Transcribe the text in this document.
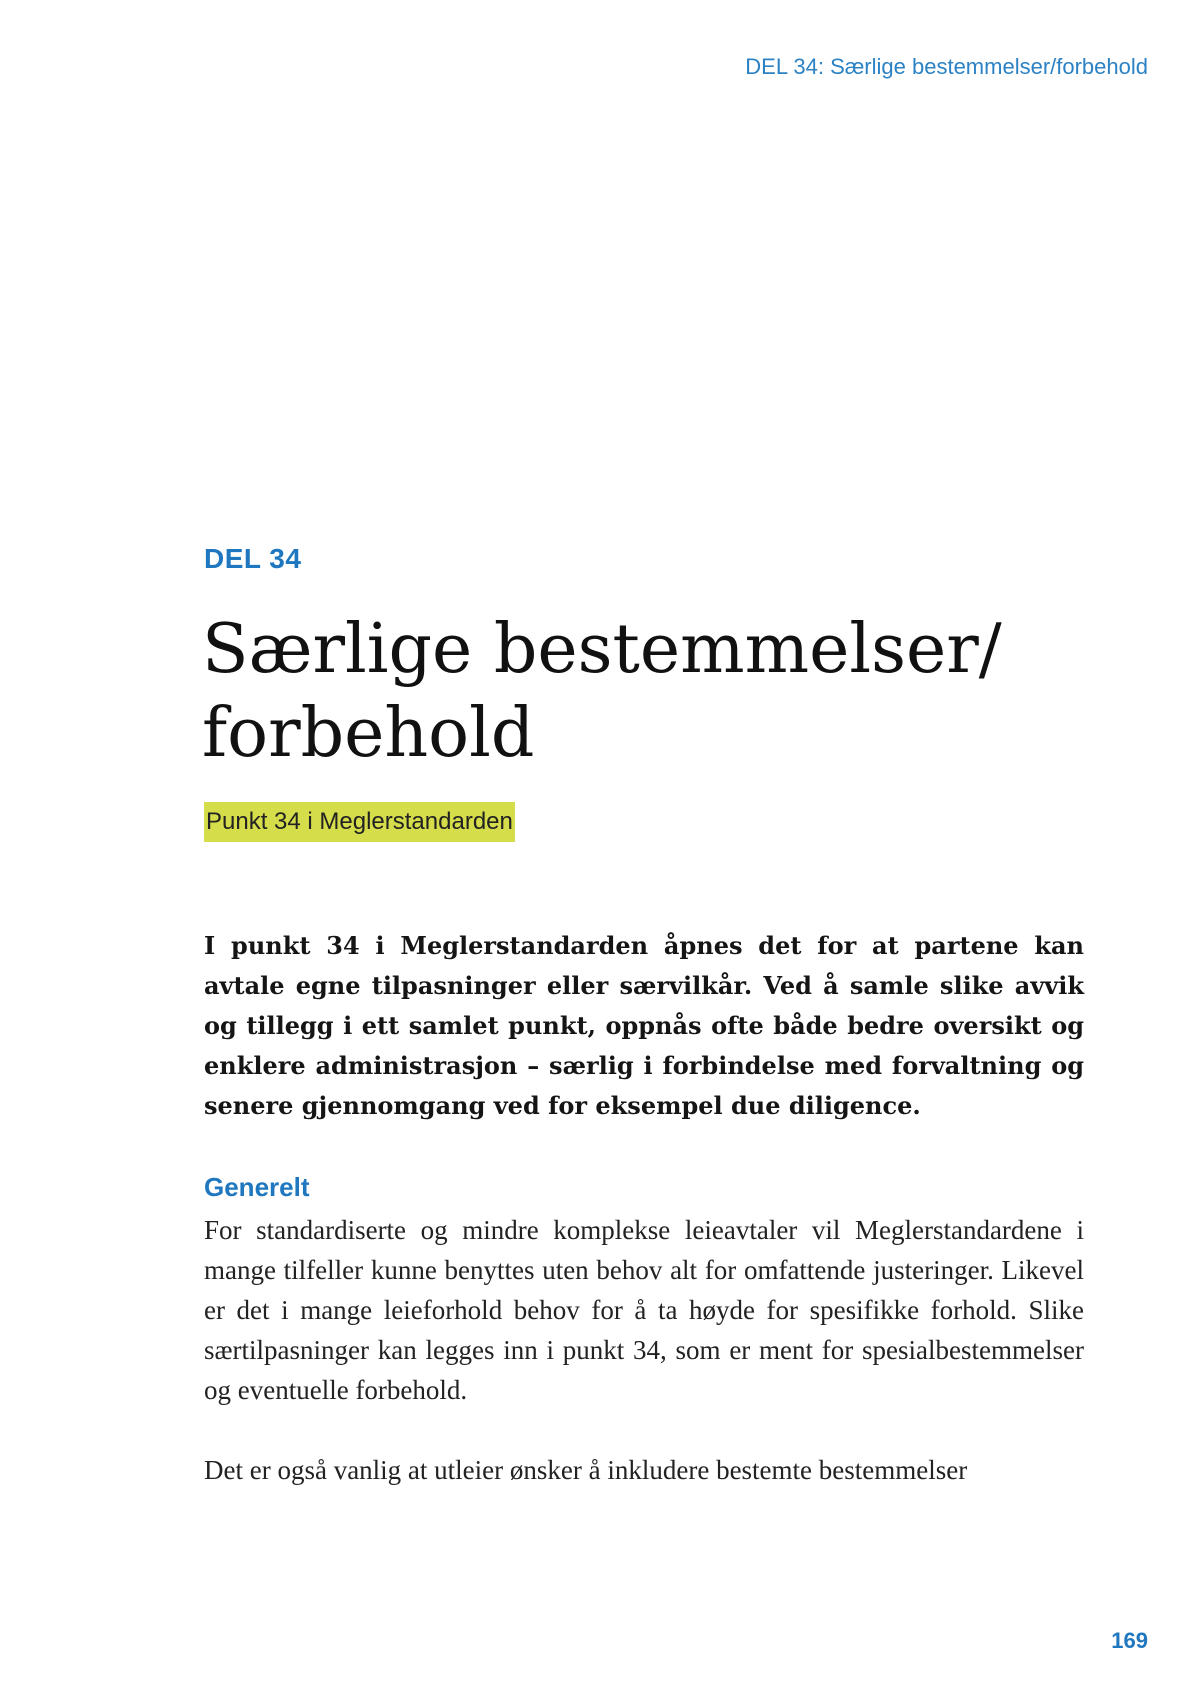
DEL 34: Særlige bestemmelser/forbehold
DEL 34
Særlige bestemmelser/
forbehold
Punkt 34 i Meglerstandarden

I punkt 34 i Meglerstandarden åpnes det for at partene kan avtale egne tilpasninger eller særvilkår. Ved å samle slike avvik og tillegg i ett samlet punkt, oppnås ofte både bedre oversikt og enklere administrasjon – særlig i forbindelse med forvaltning og senere gjennomgang ved for eksempel due diligence.

Generelt

For standardiserte og mindre komplekse leieavtaler vil Meglerstandardene i mange tilfeller kunne benyttes uten behov alt for omfattende justeringer. Likevel er det i mange leieforhold behov for å ta høyde for spesifikke forhold. Slike særtilpasninger kan legges inn i punkt 34, som er ment for spesialbestemmelser og eventuelle forbehold.

Det er også vanlig at utleier ønsker å inkludere bestemte bestemmelser

169
